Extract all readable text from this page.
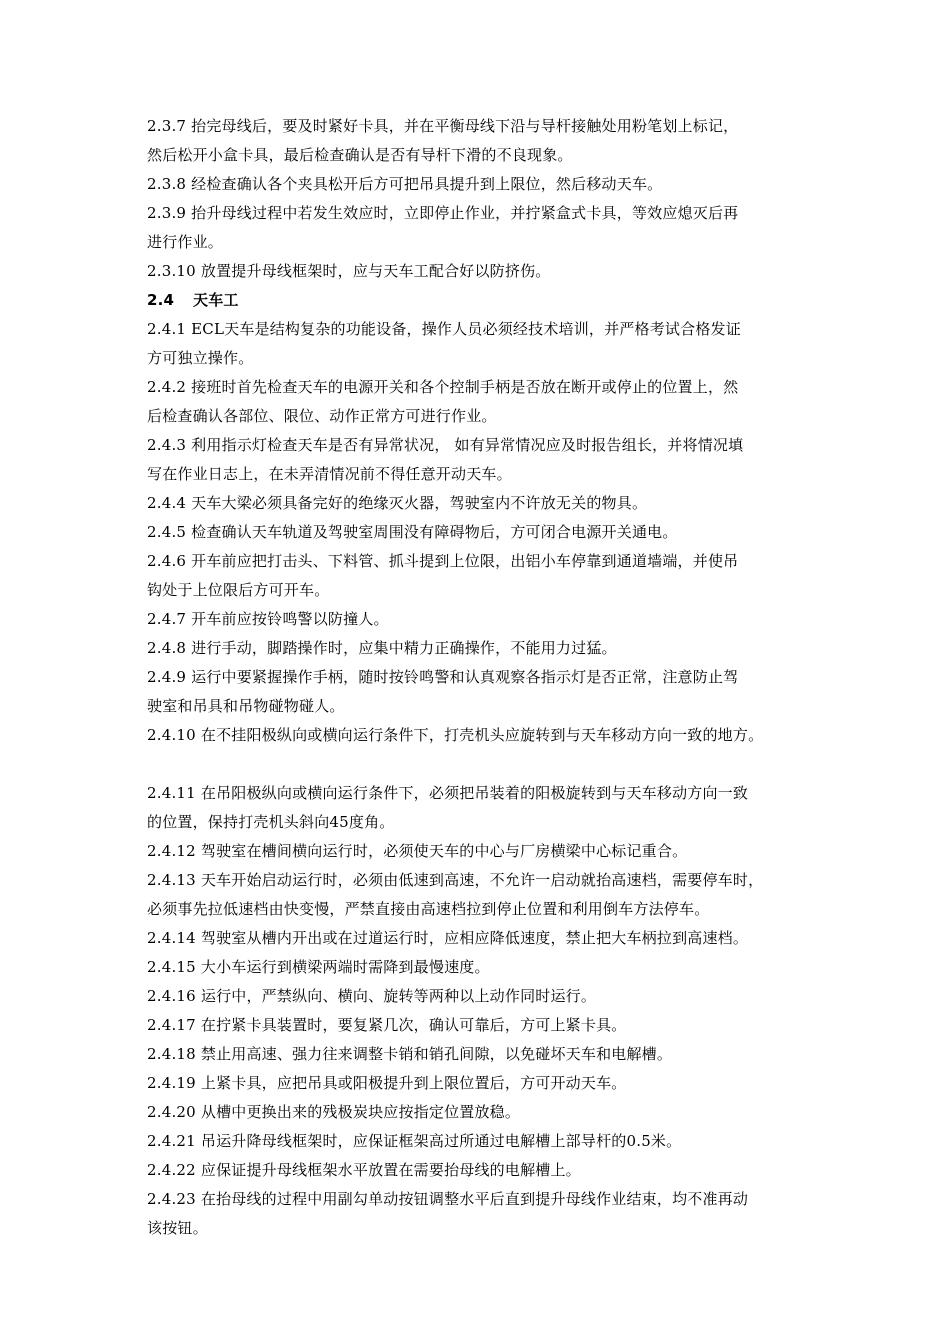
2.3.7 抬完母线后，要及时紧好卡具，并在平衡母线下沿与导杆接触处用粉笔划上标记，
然后松开小盒卡具，最后检查确认是否有导杆下滑的不良现象。
2.3.8 经检查确认各个夹具松开后方可把吊具提升到上限位，然后移动天车。
2.3.9 抬升母线过程中若发生效应时，立即停止作业，并拧紧盒式卡具，等效应熄灭后再
进行作业。
2.3.10 放置提升母线框架时，应与天车工配合好以防挤伤。
2.4 天车工
2.4.1 ECL天车是结构复杂的功能设备，操作人员必须经技术培训，并严格考试合格发证
方可独立操作。
2.4.2 接班时首先检查天车的电源开关和各个控制手柄是否放在断开或停止的位置上，然
后检查确认各部位、限位、动作正常方可进行作业。
2.4.3 利用指示灯检查天车是否有异常状况， 如有异常情况应及时报告组长，并将情况填
写在作业日志上，在未弄清情况前不得任意开动天车。
2.4.4 天车大梁必须具备完好的绝缘灭火器，驾驶室内不许放无关的物具。
2.4.5 检查确认天车轨道及驾驶室周围没有障碍物后，方可闭合电源开关通电。
2.4.6 开车前应把打击头、下料管、抓斗提到上位限，出铝小车停靠到通道墙端，并使吊
钩处于上位限后方可开车。
2.4.7 开车前应按铃鸣警以防撞人。
2.4.8 进行手动，脚踏操作时，应集中精力正确操作，不能用力过猛。
2.4.9 运行中要紧握操作手柄，随时按铃鸣警和认真观察各指示灯是否正常，注意防止驾
驶室和吊具和吊物碰物碰人。
2.4.10 在不挂阳极纵向或横向运行条件下，打壳机头应旋转到与天车移动方向一致的地方。
2.4.11 在吊阳极纵向或横向运行条件下，必须把吊装着的阳极旋转到与天车移动方向一致
的位置，保持打壳机头斜向45度角。
2.4.12 驾驶室在槽间横向运行时，必须使天车的中心与厂房横梁中心标记重合。
2.4.13 天车开始启动运行时，必须由低速到高速，不允许一启动就抬高速档，需要停车时，
必须事先拉低速档由快变慢，严禁直接由高速档拉到停止位置和利用倒车方法停车。
2.4.14 驾驶室从槽内开出或在过道运行时，应相应降低速度，禁止把大车柄拉到高速档。
2.4.15 大小车运行到横梁两端时需降到最慢速度。
2.4.16 运行中，严禁纵向、横向、旋转等两种以上动作同时运行。
2.4.17 在拧紧卡具装置时，要复紧几次，确认可靠后，方可上紧卡具。
2.4.18 禁止用高速、强力往来调整卡销和销孔间隙，以免碰坏天车和电解槽。
2.4.19 上紧卡具，应把吊具或阳极提升到上限位置后，方可开动天车。
2.4.20 从槽中更换出来的残极炭块应按指定位置放稳。
2.4.21 吊运升降母线框架时，应保证框架高过所通过电解槽上部导杆的0.5米。
2.4.22 应保证提升母线框架水平放置在需要抬母线的电解槽上。
2.4.23 在抬母线的过程中用副勾单动按钮调整水平后直到提升母线作业结束，均不准再动
该按钮。
